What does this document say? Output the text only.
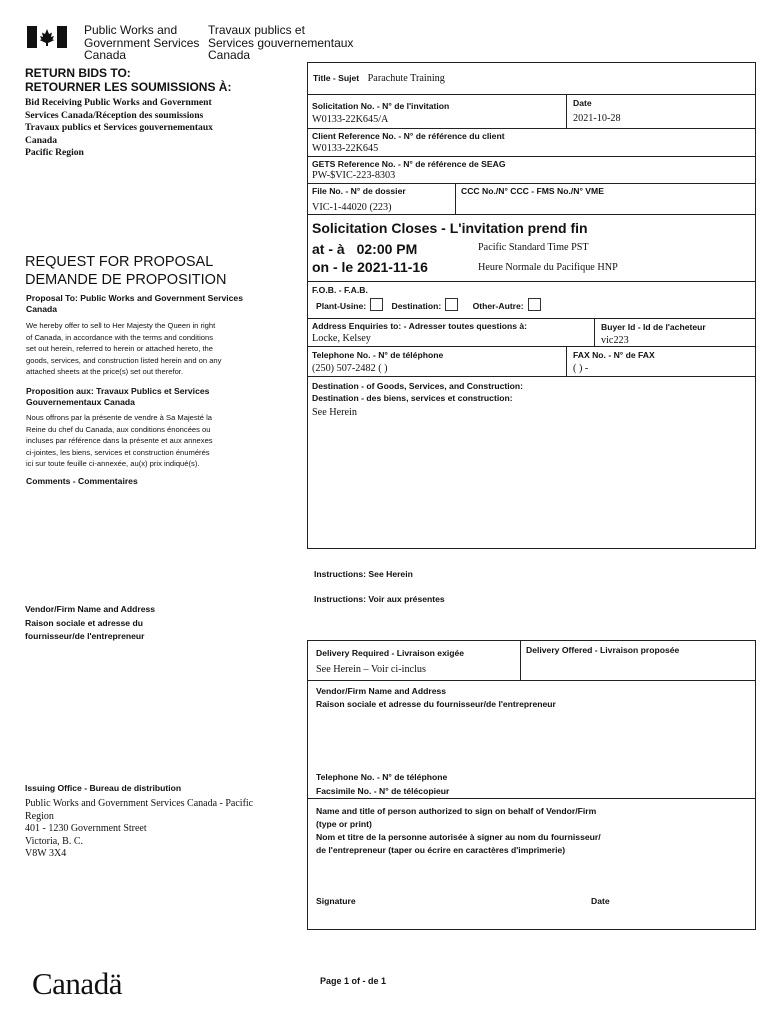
Public Works and
Government Services
Canada
Travaux publics et
Services gouvernementaux
Canada
RETURN BIDS TO:
RETOURNER LES SOUMISSIONS À:
Bid Receiving Public Works and Government
Services Canada/Réception des soumissions
Travaux publics et Services gouvernementaux
Canada
Pacific Region
REQUEST FOR PROPOSAL
DEMANDE DE PROPOSITION
Proposal To: Public Works and Government Services Canada
We hereby offer to sell to Her Majesty the Queen in right
of Canada, in accordance with the terms and conditions
set out herein, referred to herein or attached hereto, the
goods, services, and construction listed herein and on any
attached sheets at the price(s) set out therefor.
Proposition aux: Travaux Publics et Services Gouvernementaux Canada
Nous offrons par la présente de vendre à Sa Majesté la
Reine du chef du Canada, aux conditions énoncées ou
incluses par référence dans la présente et aux annexes
ci-jointes, les biens, services et construction énumérés
ici sur toute feuille ci-annexée, au(x) prix indiqué(s).
Comments - Commentaires
Vendor/Firm Name and Address
Raison sociale et adresse du
fournisseur/de l'entrepreneur
Issuing Office - Bureau de distribution
Public Works and Government Services Canada - Pacific
Region
401 - 1230 Government Street
Victoria, B. C.
V8W 3X4
Title - Sujet Parachute Training
Solicitation No. - N° de l'invitation
W0133-22K645/A
Date
2021-10-28
Client Reference No. - N° de référence du client
W0133-22K645
GETS Reference No. - N° de référence de SEAG
PW-$VIC-223-8303
File No. - N° de dossier
VIC-1-44020 (223)
CCC No./N° CCC - FMS No./N° VME
Solicitation Closes - L'invitation prend fin
at - à 02:00 PM
on - le 2021-11-16
Pacific Standard Time PST
Heure Normale du Pacifique HNP
F.O.B. - F.A.B.
Plant-Usine:	Destination:	Other-Autre:
Address Enquiries to: - Adresser toutes questions à:
Locke, Kelsey
Buyer Id - Id de l'acheteur
vic223
Telephone No. - N° de téléphone
(250) 507-2482 ( )
FAX No. - N° de FAX
( ) -
Destination - of Goods, Services, and Construction:
Destination - des biens, services et construction:
See Herein
Instructions: See Herein
Instructions: Voir aux présentes
Delivery Required - Livraison exigée
See Herein – Voir ci-inclus
Delivery Offered - Livraison proposée
Vendor/Firm Name and Address
Raison sociale et adresse du fournisseur/de l'entrepreneur
Telephone No. - N° de téléphone
Facsimile No. - N° de télécopieur
Name and title of person authorized to sign on behalf of Vendor/Firm
(type or print)
Nom et titre de la personne autorisée à signer au nom du fournisseur/
de l'entrepreneur (taper ou écrire en caractères d'imprimerie)
Signature	Date
Canadä	Page 1 of - de 1
